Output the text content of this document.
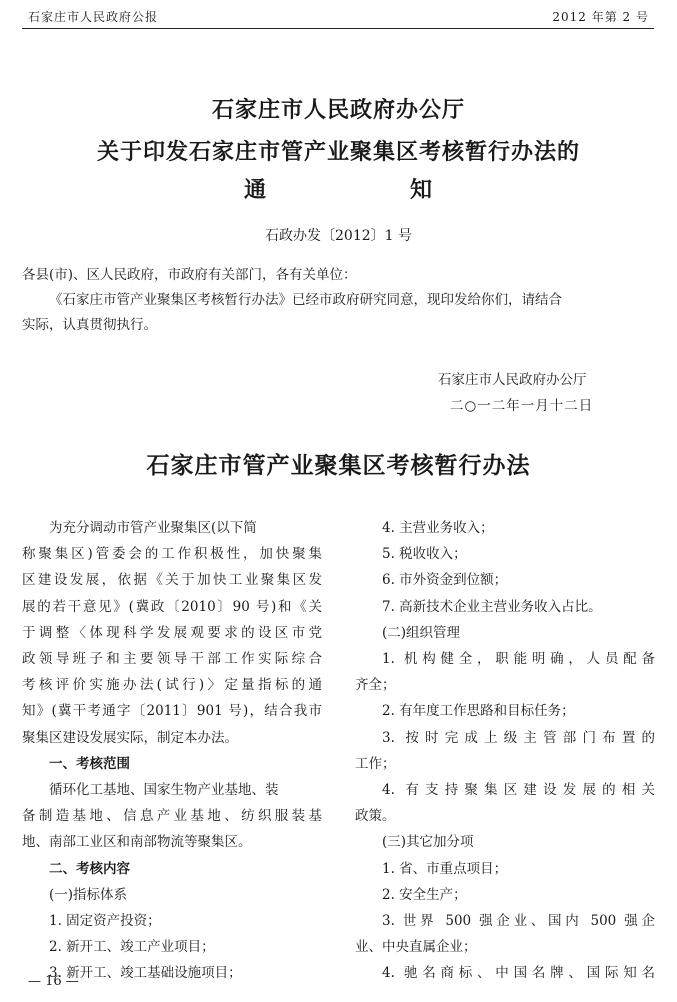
石家庄市人民政府公报	2012 年第 2 号
石家庄市人民政府办公厅
关于印发石家庄市管产业聚集区考核暂行办法的
通	知
石政办发〔2012〕1 号

各县(市)、区人民政府，市政府有关部门，各有关单位：

《石家庄市管产业聚集区考核暂行办法》已经市政府研究同意，现印发给你们，请结合

实际，认真贯彻执行。

石家庄市人民政府办公厅
二○一二年一月十二日
石家庄市管产业聚集区考核暂行办法

为充分调动市管产业聚集区(以下简

称聚集区)管委会的工作积极性，加快聚集

区建设发展，依据《关于加快工业聚集区发

展的若干意见》(冀政〔2010〕90 号)和《关

于调整〈体现科学发展观要求的设区市党

政领导班子和主要领导干部工作实际综合

考核评价实施办法(试行)〉定量指标的通

知》(冀干考通字〔2011〕901 号)，结合我市

聚集区建设发展实际，制定本办法。

一、考核范围

循环化工基地、国家生物产业基地、装

备制造基地、信息产业基地、纺织服装基

地、南部工业区和南部物流等聚集区。

二、考核内容

(一)指标体系

1. 固定资产投资；

2. 新开工、竣工产业项目；

3. 新开工、竣工基础设施项目；

4. 主营业务收入；

5. 税收收入；

6. 市外资金到位额；

7. 高新技术企业主营业务收入占比。

(二)组织管理

1. 机构健全，职能明确，人员配备

齐全；

2. 有年度工作思路和目标任务；

3. 按时完成上级主管部门布置的

工作；

4. 有支持聚集区建设发展的相关

政策。

(三)其它加分项

1. 省、市重点项目；

2. 安全生产；

3. 世界 500 强企业、国内 500 强企

业、中央直属企业；

4. 驰名商标、中国名牌、国际知名

— 16 —
